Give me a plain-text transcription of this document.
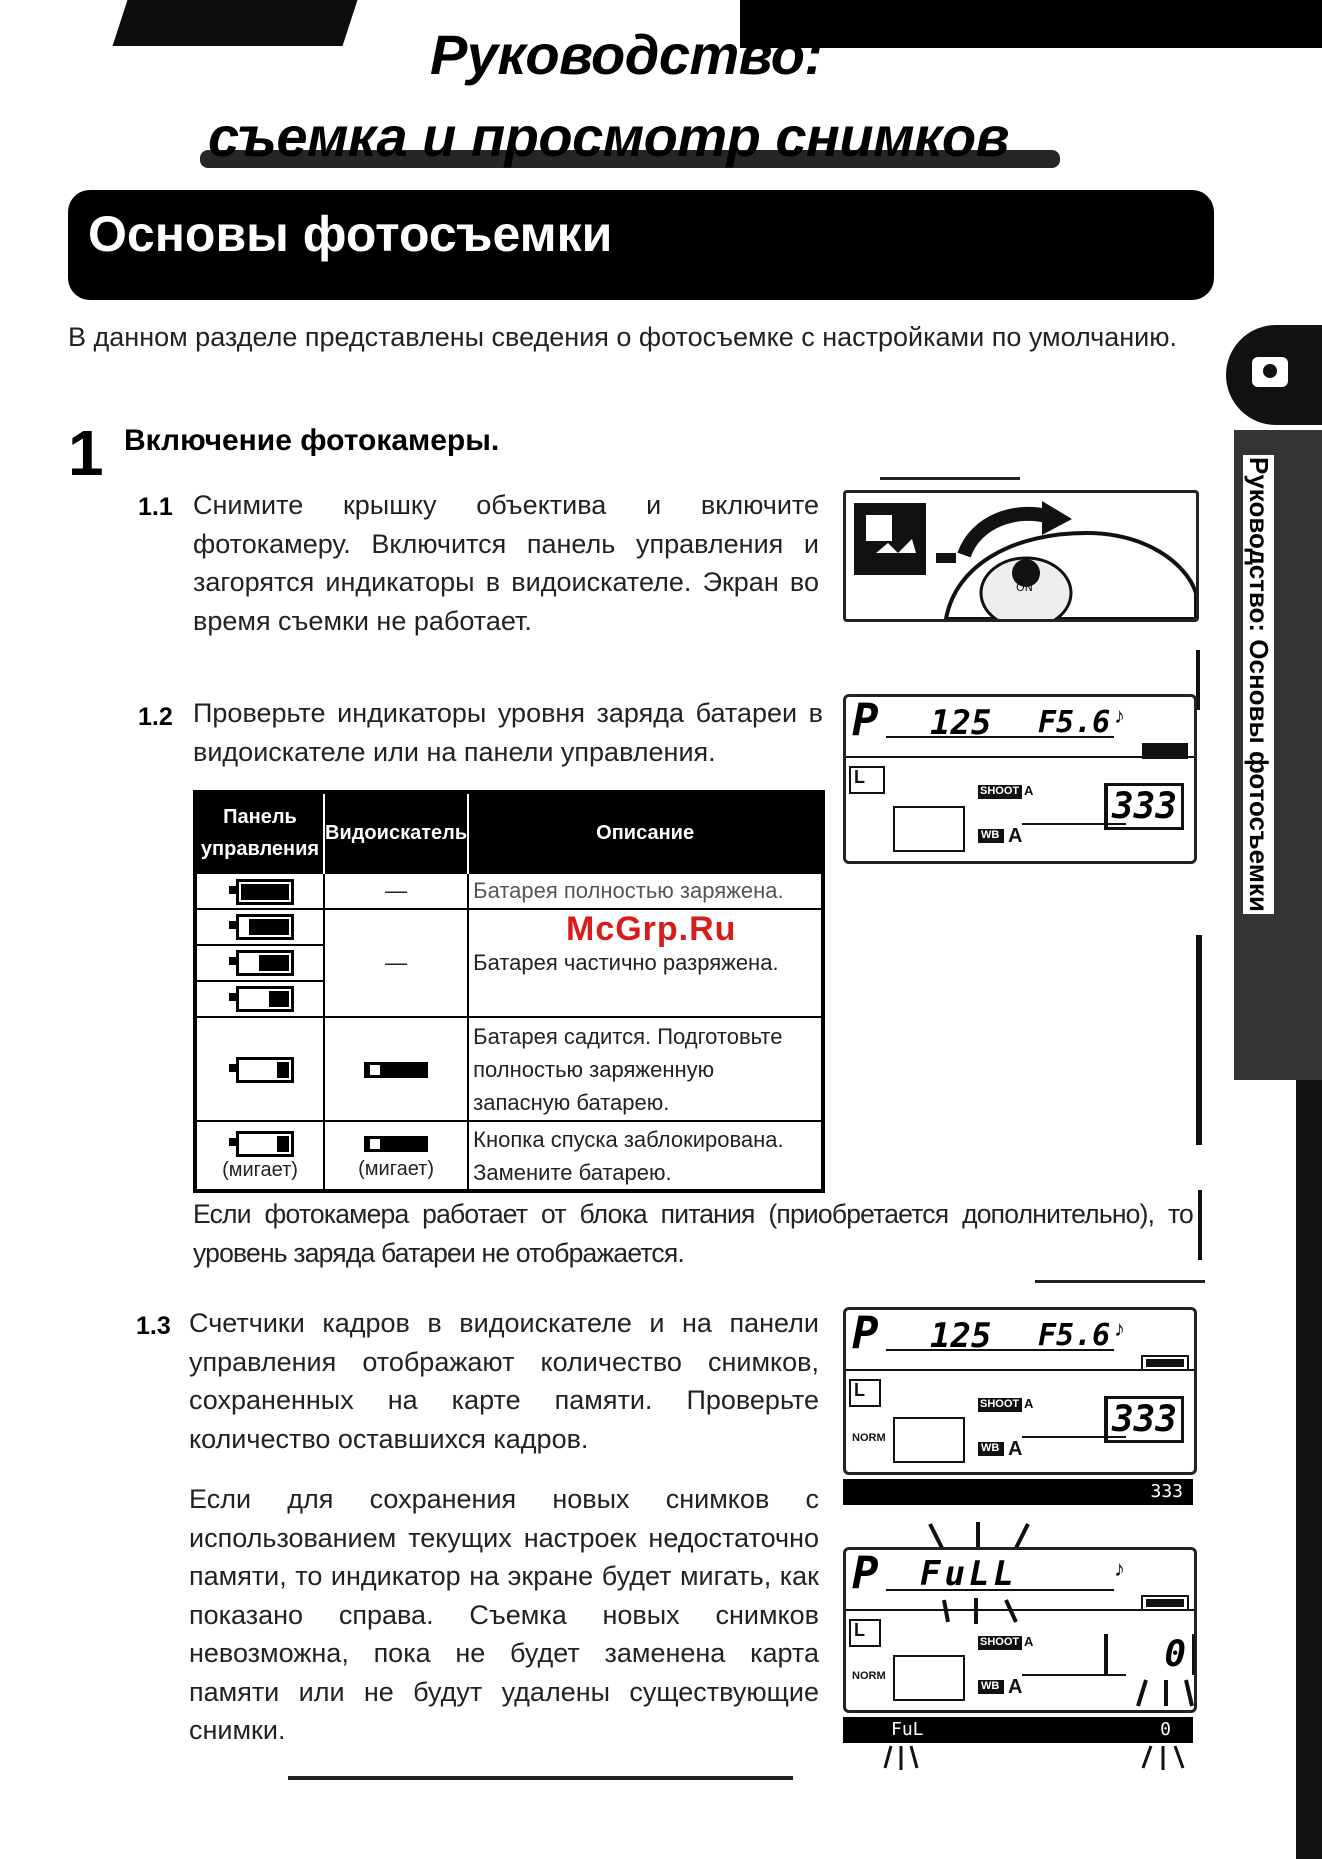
Руководство:
съемка и просмотр снимков
Основы фотосъемки
Руководство: Основы фотосъемки
В данном разделе представлены сведения о фотосъемке с настройками по умолчанию.
1 Включение фотокамеры.
1.1 Снимите крышку объектива и включите фотокамеру. Включится панель управления и загорятся индикаторы в видоискателе. Экран во время съемки не работает.
ON
1.2 Проверьте индикаторы уровня заряда батареи в видоискателе или на панели управления.
P 125 F5.6 ♪
L
SHOOT A 333
WB A
Панель управления	Видоискатель	Описание

	—	Батарея полностью заряжена.

	—	Батарея частично разряжена.

		Батарея садится. Подготовьте полностью заряженную запасную батарею.

(мигает)	(мигает)	Кнопка спуска заблокирована. Замените батарею.
McGrp.Ru
Если фотокамера работает от блока питания (приобретается дополнительно), то уровень заряда батареи не отображается.
1.3 Счетчики кадров в видоискателе и на панели управления отображают количество снимков, сохраненных на карте памяти. Проверьте количество оставшихся кадров.
Если для сохранения новых снимков с использованием текущих настроек недостаточно памяти, то индикатор на экране будет мигать, как показано справа. Съемка новых снимков невозможна, пока не будет заменена карта памяти или не будут удалены существующие снимки.
P 125 F5.6 ♪
L
NORM
SHOOT A 333
WB A
333
P FuLL	♪
L
NORM
SHOOT A	0
WB A
FuL	0
